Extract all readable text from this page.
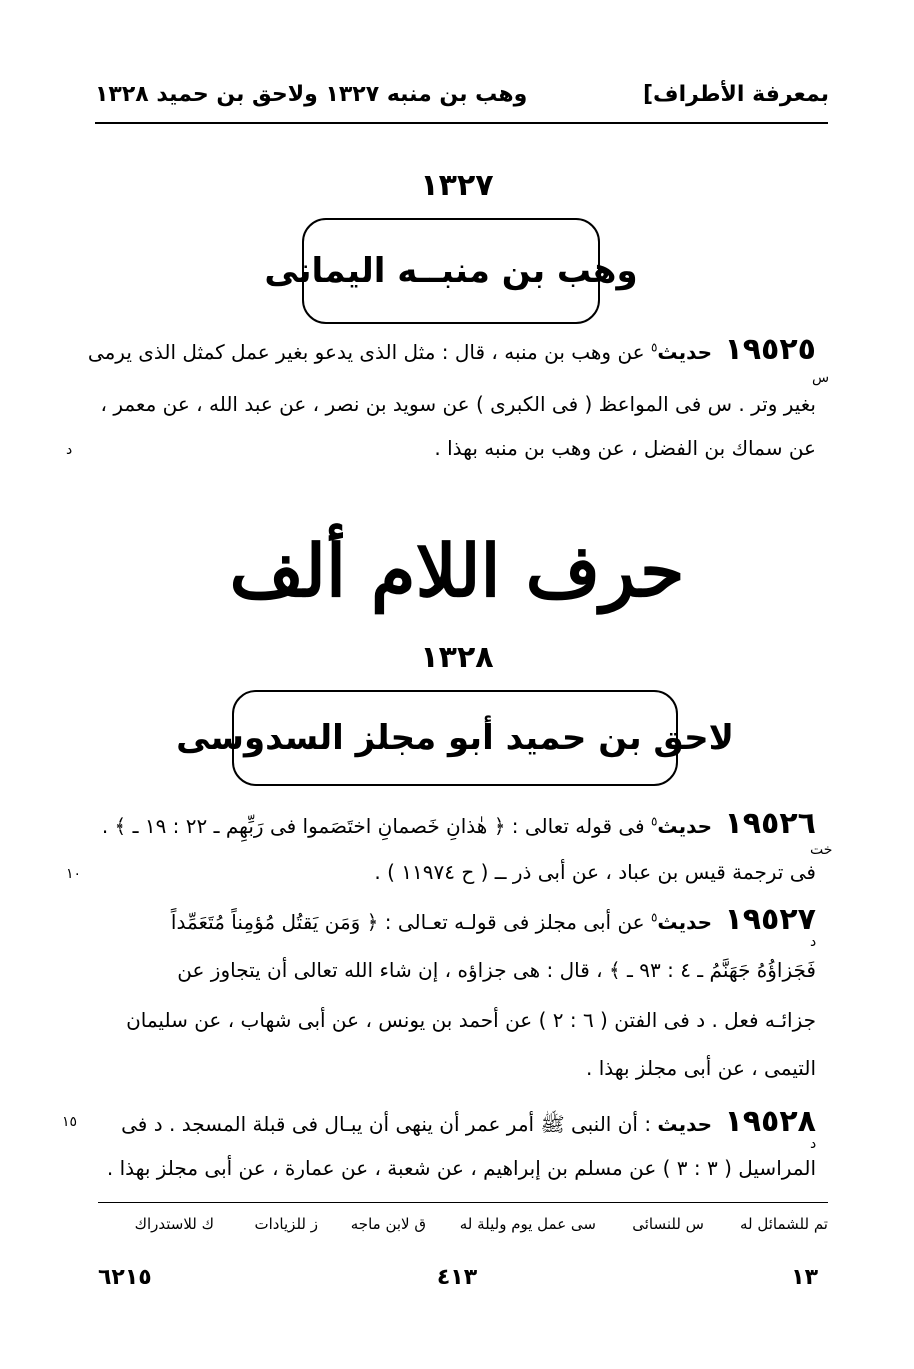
بمعرفة الأطراف]
وهب بن منبه ١٣٢٧ ولاحق بن حميد ١٣٢٨
١٣٢٧
وهب بن منبــه اليمانى
١٩٥٢٥ حديث$^٥$ عن وهب بن منبه ، قال : مثل الذى يدعو بغير عمل كمثل الذى يرمى
س
بغير وتر . س فى المواعظ ( فى الكبرى ) عن سويد بن نصر ، عن عبد الله ، عن معمر ،
عن سماك بن الفضل ، عن وهب بن منبه بهذا .
د
حرف اللام ألف
١٣٢٨
لاحق بن حميد أبو مجلز السدوسى
١٩٥٢٦ حديث$^٥$ فى قوله تعالى : ﴿ هٰذانِ خَصمانِ اختَصَموا فى رَبِّهِم ـ ٢٢ : ١٩ ـ ﴾ .
خت
فى ترجمة قيس بن عباد ، عن أبى ذر ــ ( ح ١١٩٧٤ ) .
١٠
١٩٥٢٧ حديث$^٥$ عن أبى مجلز فى قولـه تعـالى : ﴿ وَمَن يَقتُل مُؤمِناً مُتَعَمِّداً
د
فَجَزاؤُهُ جَهَنَّمُ ـ ٤ : ٩٣ ـ ﴾ ، قال : هى جزاؤه ، إن شاء الله تعالى أن يتجاوز عن
جزائـه فعل . د فى الفتن ( ٦ : ٢ ) عن أحمد بن يونس ، عن أبى شهاب ، عن سليمان
التيمى ، عن أبى مجلز بهذا .
١٩٥٢٨ حديث : أن النبى ﷺ أمر عمر أن ينهى أن يبـال فى قبلة المسجد . د فى
١٥
د
المراسيل ( ٣ : ٣ ) عن مسلم بن إبراهيم ، عن شعبة ، عن عمارة ، عن أبى مجلز بهذا .
تم للشمائل له
س للنسائى
سى عمل يوم وليلة له
ق لابن ماجه
ز للزيادات
ك للاستدراك
١٣
٤١٣
٦٢١٥
